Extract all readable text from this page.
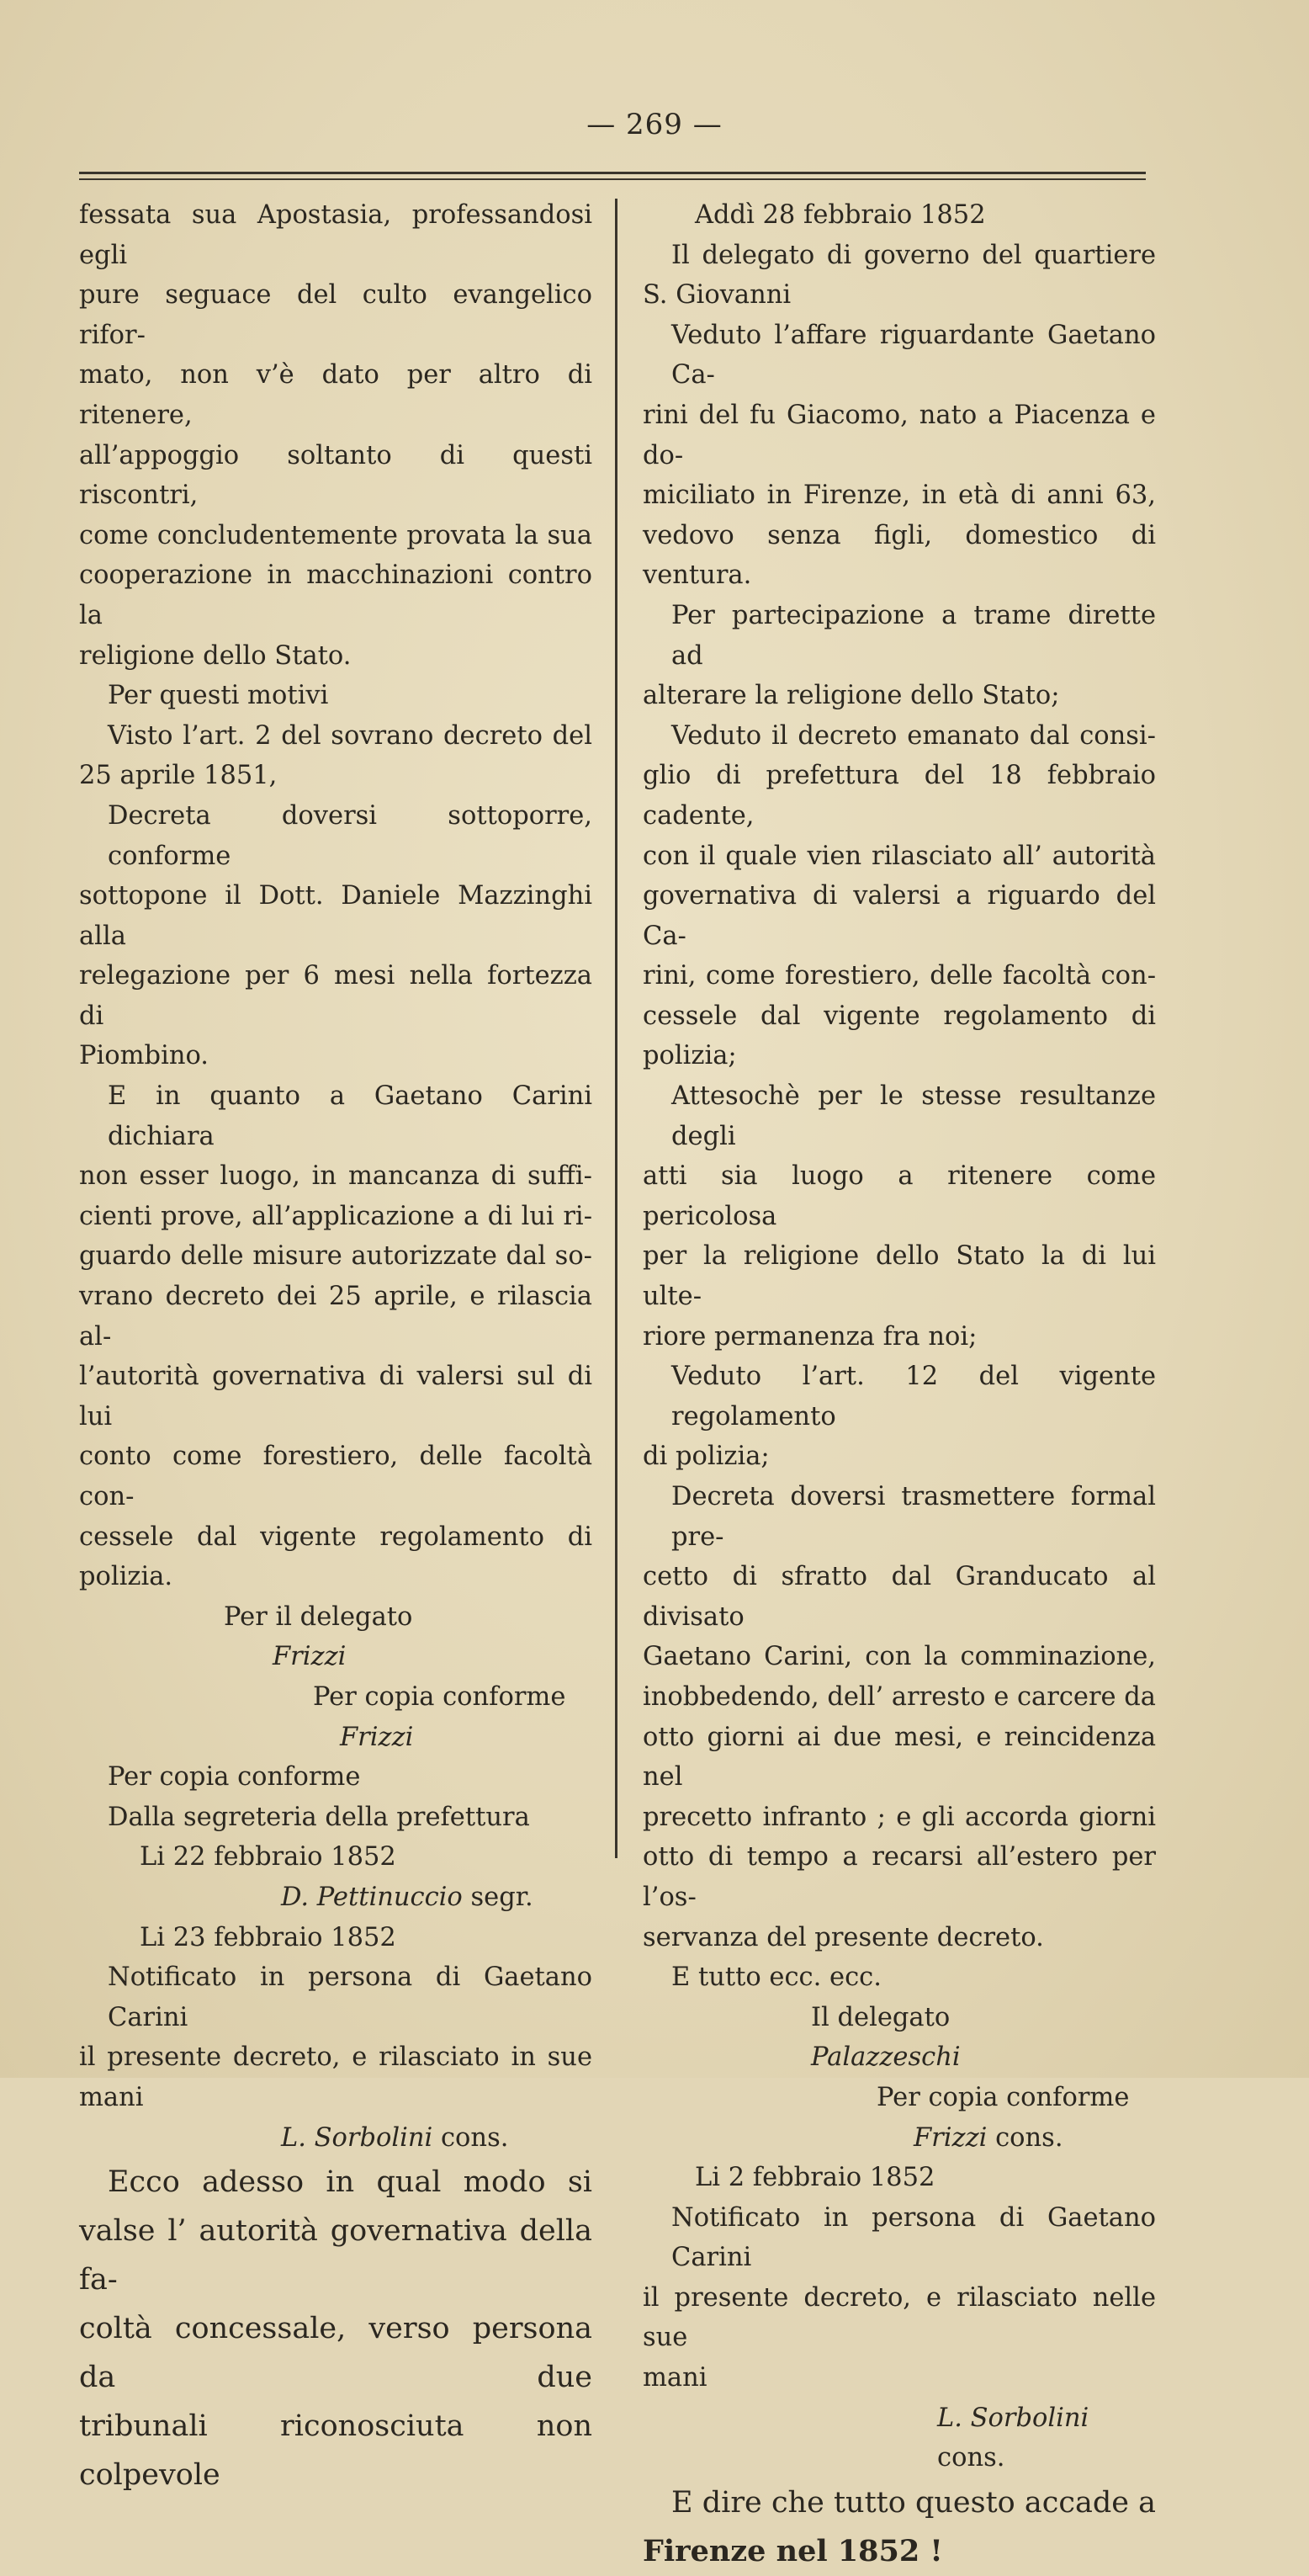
— 269 —

fessata sua Apostasia, professandosi egli

pure seguace del culto evangelico rifor-

mato, non v’è dato per altro di ritenere,

all’appoggio soltanto di questi riscontri,

come concludentemente provata la sua

cooperazione in macchinazioni contro la

religione dello Stato.

Per questi motivi

Visto l’art. 2 del sovrano decreto del

25 aprile 1851,

Decreta doversi sottoporre, conforme

sottopone il Dott. Daniele Mazzinghi alla

relegazione per 6 mesi nella fortezza di

Piombino.

E in quanto a Gaetano Carini dichiara

non esser luogo, in mancanza di suffi-

cienti prove, all’applicazione a di lui ri-

guardo delle misure autorizzate dal so-

vrano decreto dei 25 aprile, e rilascia al-

l’autorità governativa di valersi sul di lui

conto come forestiero, delle facoltà con-

cessele dal vigente regolamento di polizia.

Per il delegato

Frizzi

Per copia conforme

Frizzi

Per copia conforme

Dalla segreteria della prefettura

Li 22 febbraio 1852

D. Pettinuccio segr.

Li 23 febbraio 1852

Notificato in persona di Gaetano Carini

il presente decreto, e rilasciato in sue

mani

L. Sorbolini cons.

Ecco adesso in qual modo si

valse l’ autorità governativa della fa-

coltà concessale, verso persona da due

tribunali riconosciuta non colpevole

Addì 28 febbraio 1852

Il delegato di governo del quartiere

S. Giovanni

Veduto l’affare riguardante Gaetano Ca-

rini del fu Giacomo, nato a Piacenza e do-

miciliato in Firenze, in età di anni 63,

vedovo senza figli, domestico di ventura.

Per partecipazione a trame dirette ad

alterare la religione dello Stato;

Veduto il decreto emanato dal consi-

glio di prefettura del 18 febbraio cadente,

con il quale vien rilasciato all’ autorità

governativa di valersi a riguardo del Ca-

rini, come forestiero, delle facoltà con-

cessele dal vigente regolamento di polizia;

Attesochè per le stesse resultanze degli

atti sia luogo a ritenere come pericolosa

per la religione dello Stato la di lui ulte-

riore permanenza fra noi;

Veduto l’art. 12 del vigente regolamento

di polizia;

Decreta doversi trasmettere formal pre-

cetto di sfratto dal Granducato al divisato

Gaetano Carini, con la comminazione,

inobbedendo, dell’ arresto e carcere da

otto giorni ai due mesi, e reincidenza nel

precetto infranto ; e gli accorda giorni

otto di tempo a recarsi all’estero per l’os-

servanza del presente decreto.

E tutto ecc. ecc.

Il delegato

Palazzeschi

Per copia conforme

Frizzi cons.

Li 2 febbraio 1852

Notificato in persona di Gaetano Carini

il presente decreto, e rilasciato nelle sue

mani

L. Sorbolini cons.

E dire che tutto questo accade a

Firenze nel 1852 !
